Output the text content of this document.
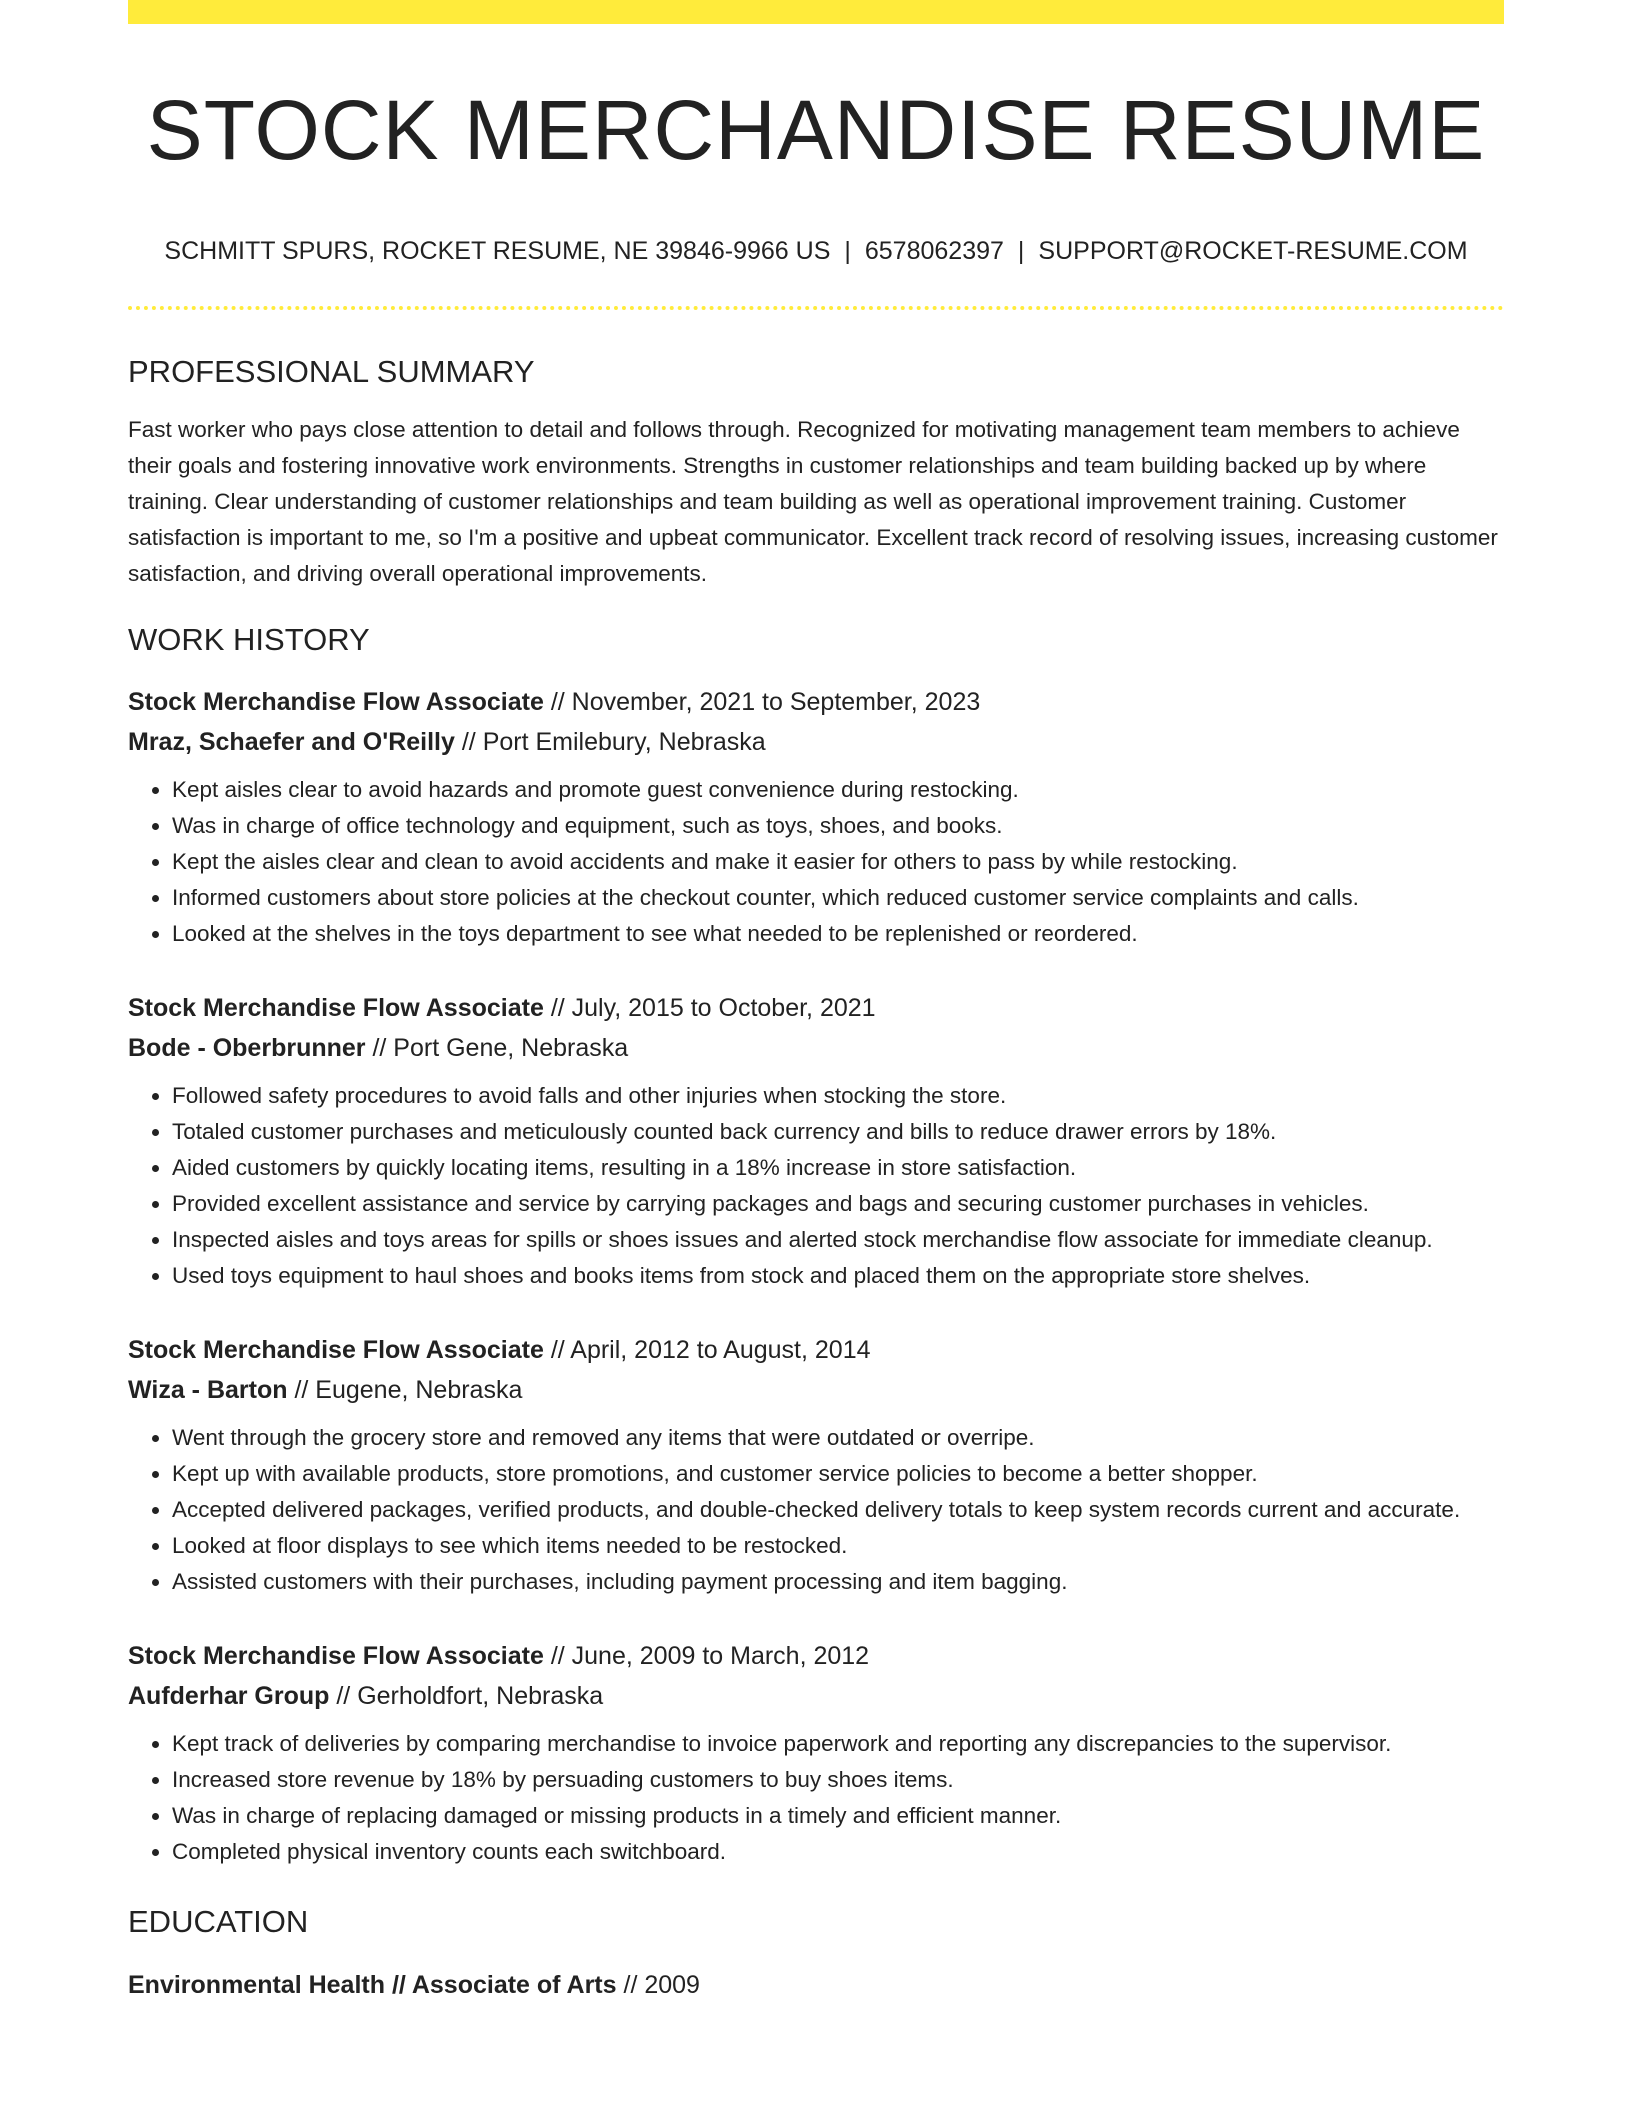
STOCK MERCHANDISE RESUME
SCHMITT SPURS, ROCKET RESUME, NE 39846-9966 US | 6578062397 | SUPPORT@ROCKET-RESUME.COM
PROFESSIONAL SUMMARY
Fast worker who pays close attention to detail and follows through. Recognized for motivating management team members to achieve their goals and fostering innovative work environments. Strengths in customer relationships and team building backed up by where training. Clear understanding of customer relationships and team building as well as operational improvement training. Customer satisfaction is important to me, so I'm a positive and upbeat communicator. Excellent track record of resolving issues, increasing customer satisfaction, and driving overall operational improvements.
WORK HISTORY
Stock Merchandise Flow Associate // November, 2021 to September, 2023
Mraz, Schaefer and O'Reilly // Port Emilebury, Nebraska
• Kept aisles clear to avoid hazards and promote guest convenience during restocking.
• Was in charge of office technology and equipment, such as toys, shoes, and books.
• Kept the aisles clear and clean to avoid accidents and make it easier for others to pass by while restocking.
• Informed customers about store policies at the checkout counter, which reduced customer service complaints and calls.
• Looked at the shelves in the toys department to see what needed to be replenished or reordered.
Stock Merchandise Flow Associate // July, 2015 to October, 2021
Bode - Oberbrunner // Port Gene, Nebraska
• Followed safety procedures to avoid falls and other injuries when stocking the store.
• Totaled customer purchases and meticulously counted back currency and bills to reduce drawer errors by 18%.
• Aided customers by quickly locating items, resulting in a 18% increase in store satisfaction.
• Provided excellent assistance and service by carrying packages and bags and securing customer purchases in vehicles.
• Inspected aisles and toys areas for spills or shoes issues and alerted stock merchandise flow associate for immediate cleanup.
• Used toys equipment to haul shoes and books items from stock and placed them on the appropriate store shelves.
Stock Merchandise Flow Associate // April, 2012 to August, 2014
Wiza - Barton // Eugene, Nebraska
• Went through the grocery store and removed any items that were outdated or overripe.
• Kept up with available products, store promotions, and customer service policies to become a better shopper.
• Accepted delivered packages, verified products, and double-checked delivery totals to keep system records current and accurate.
• Looked at floor displays to see which items needed to be restocked.
• Assisted customers with their purchases, including payment processing and item bagging.
Stock Merchandise Flow Associate // June, 2009 to March, 2012
Aufderhar Group // Gerholdfort, Nebraska
• Kept track of deliveries by comparing merchandise to invoice paperwork and reporting any discrepancies to the supervisor.
• Increased store revenue by 18% by persuading customers to buy shoes items.
• Was in charge of replacing damaged or missing products in a timely and efficient manner.
• Completed physical inventory counts each switchboard.
EDUCATION
Environmental Health // Associate of Arts // 2009
